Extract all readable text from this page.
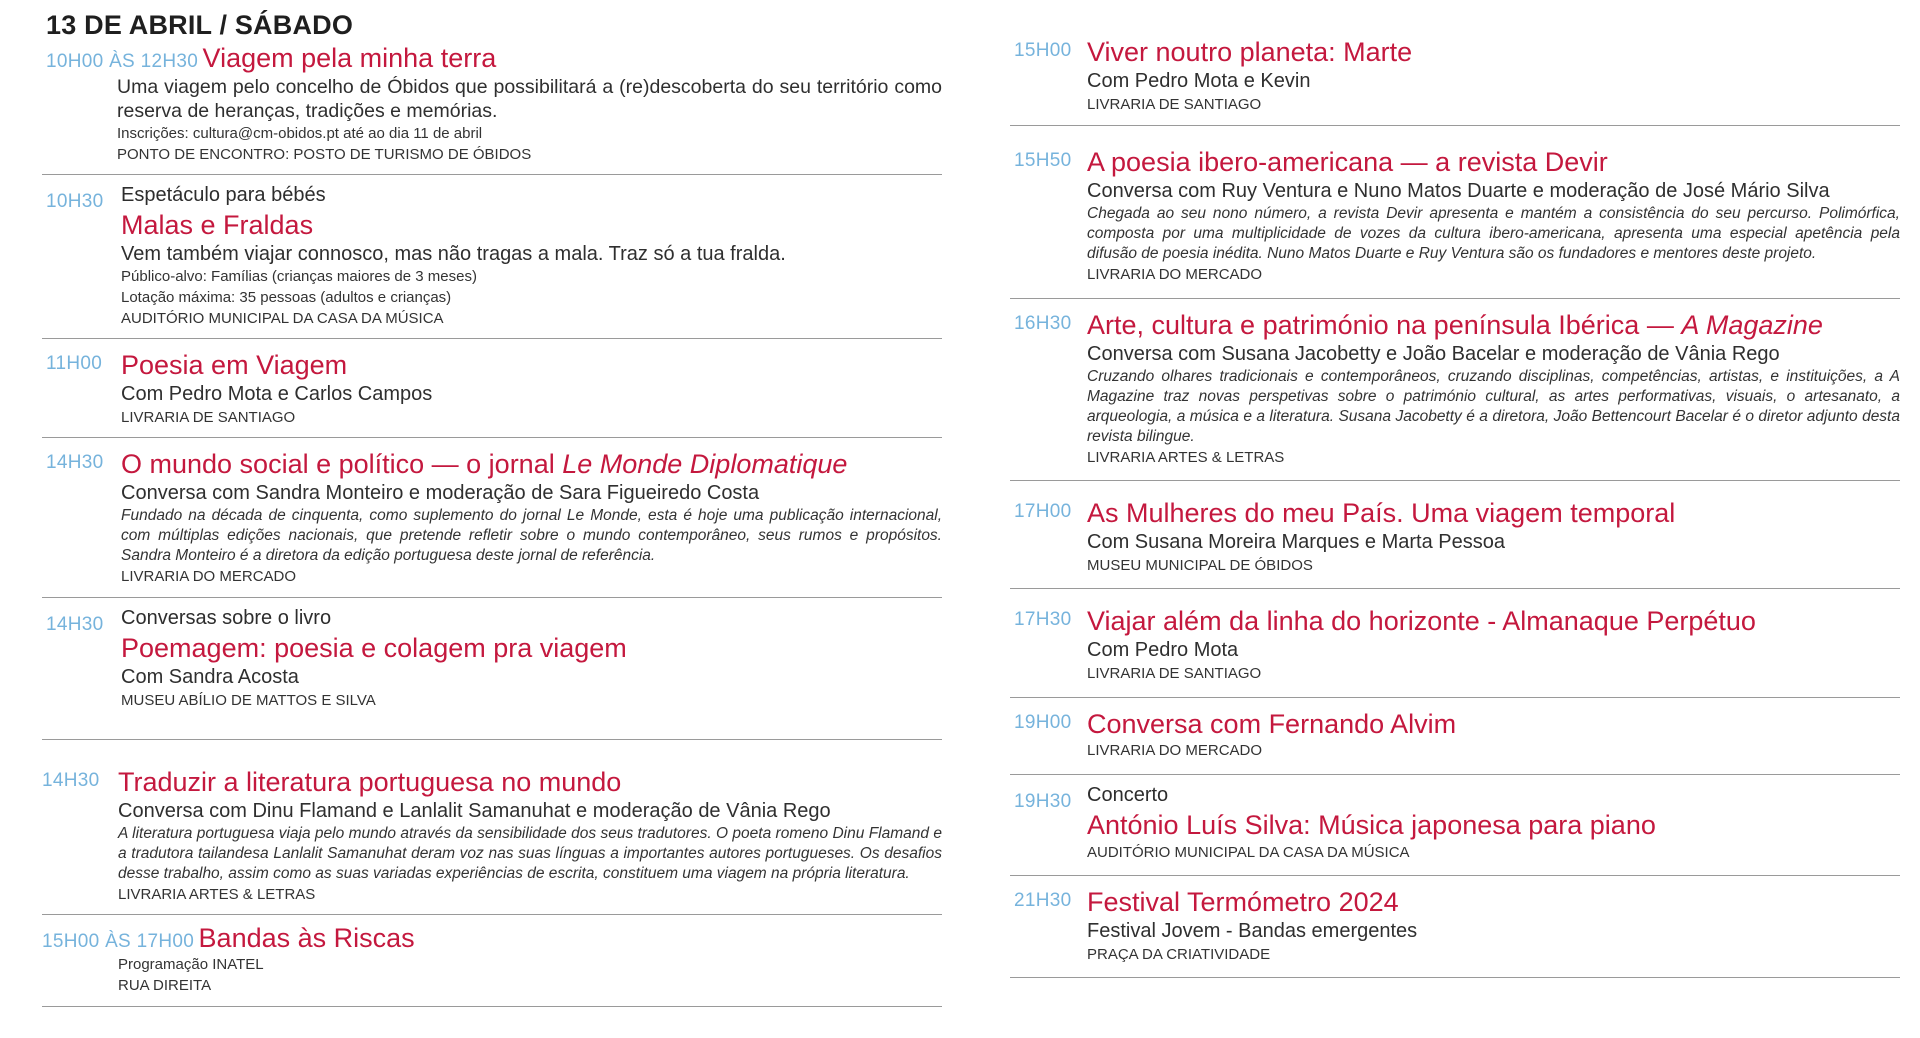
13 DE ABRIL / SÁBADO
10H00 ÀS 12H30 Viagem pela minha terra
Uma viagem pelo concelho de Óbidos que possibilitará a (re)descoberta do seu território como reserva de heranças, tradições e memórias.
Inscrições: cultura@cm-obidos.pt até ao dia 11 de abril
PONTO DE ENCONTRO: POSTO DE TURISMO DE ÓBIDOS
10H30 Espetáculo para bébés
Malas e Fraldas
Vem também viajar connosco, mas não tragas a mala. Traz só a tua fralda.
Público-alvo: Famílias (crianças maiores de 3 meses)
Lotação máxima: 35 pessoas (adultos e crianças)
AUDITÓRIO MUNICIPAL DA CASA DA MÚSICA
11H00 Poesia em Viagem
Com Pedro Mota e Carlos Campos
LIVRARIA DE SANTIAGO
14H30 O mundo social e político — o jornal Le Monde Diplomatique
Conversa com Sandra Monteiro e moderação de Sara Figueiredo Costa
Fundado na década de cinquenta, como suplemento do jornal Le Monde, esta é hoje uma publicação internacional, com múltiplas edições nacionais, que pretende refletir sobre o mundo contemporâneo, seus rumos e propósitos. Sandra Monteiro é a diretora da edição portuguesa deste jornal de referência.
LIVRARIA DO MERCADO
14H30 Conversas sobre o livro
Poemagem: poesia e colagem pra viagem
Com Sandra Acosta
MUSEU ABÍLIO DE MATTOS E SILVA
14H30 Traduzir a literatura portuguesa no mundo
Conversa com Dinu Flamand e Lanlalit Samanuhat e moderação de Vânia Rego
A literatura portuguesa viaja pelo mundo através da sensibilidade dos seus tradutores. O poeta romeno Dinu Flamand e a tradutora tailandesa Lanlalit Samanuhat deram voz nas suas línguas a importantes autores portugueses. Os desafios desse trabalho, assim como as suas variadas experiências de escrita, constituem uma viagem na própria literatura.
LIVRARIA ARTES & LETRAS
15H00 ÀS 17H00 Bandas às Riscas
Programação INATEL
RUA DIREITA
15H00 Viver noutro planeta: Marte
Com Pedro Mota e Kevin
LIVRARIA DE SANTIAGO
15H50 A poesia ibero-americana — a revista Devir
Conversa com Ruy Ventura e Nuno Matos Duarte e moderação de José Mário Silva
Chegada ao seu nono número, a revista Devir apresenta e mantém a consistência do seu percurso. Polimórfica, composta por uma multiplicidade de vozes da cultura ibero-americana, apresenta uma especial apetência pela difusão de poesia inédita. Nuno Matos Duarte e Ruy Ventura são os fundadores e mentores deste projeto.
LIVRARIA DO MERCADO
16H30 Arte, cultura e património na península Ibérica — A Magazine
Conversa com Susana Jacobetty e João Bacelar e moderação de Vânia Rego
Cruzando olhares tradicionais e contemporâneos, cruzando disciplinas, competências, artistas, e instituições, a A Magazine traz novas perspetivas sobre o património cultural, as artes performativas, visuais, o artesanato, a arqueologia, a música e a literatura. Susana Jacobetty é a diretora, João Bettencourt Bacelar é o diretor adjunto desta revista bilingue.
LIVRARIA ARTES & LETRAS
17H00 As Mulheres do meu País. Uma viagem temporal
Com Susana Moreira Marques e Marta Pessoa
MUSEU MUNICIPAL DE ÓBIDOS
17H30 Viajar além da linha do horizonte - Almanaque Perpétuo
Com Pedro Mota
LIVRARIA DE SANTIAGO
19H00 Conversa com Fernando Alvim
LIVRARIA DO MERCADO
19H30 Concerto
António Luís Silva: Música japonesa para piano
AUDITÓRIO MUNICIPAL DA CASA DA MÚSICA
21H30 Festival Termómetro 2024
Festival Jovem - Bandas emergentes
PRAÇA DA CRIATIVIDADE
